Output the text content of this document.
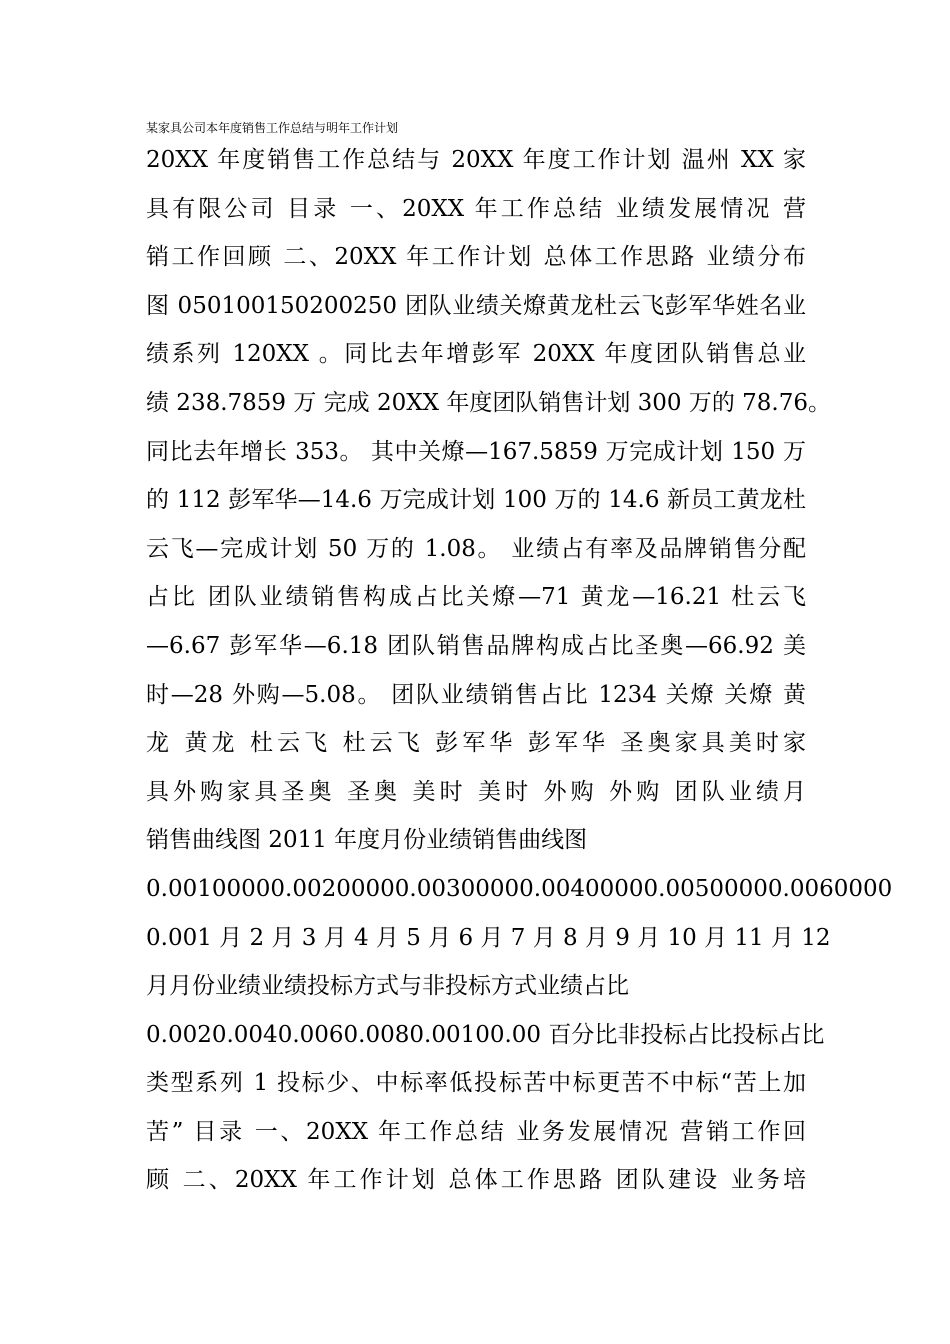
某家具公司本年度销售工作总结与明年工作计划
20XX 年度销售工作总结与 20XX 年度工作计划 温州 XX 家
具有限公司 目录 一、20XX 年工作总结 业绩发展情况 营
销工作回顾 二、20XX 年工作计划 总体工作思路 业绩分布
图 050100150200250 团队业绩关燎黄龙杜云飞彭军华姓名业
绩系列 120XX 。同比去年增彭军 20XX 年度团队销售总业
绩 238.7859 万 完成 20XX 年度团队销售计划 300 万的 78.76。
同比去年增长 353。 其中关燎—167.5859 万完成计划 150 万
的 112 彭军华—14.6 万完成计划 100 万的 14.6 新员工黄龙杜
云飞—完成计划 50 万的 1.08。 业绩占有率及品牌销售分配
占比 团队业绩销售构成占比关燎—71 黄龙—16.21 杜云飞
—6.67 彭军华—6.18 团队销售品牌构成占比圣奥—66.92 美
时—28 外购—5.08。 团队业绩销售占比 1234 关燎 关燎 黄
龙 黄龙 杜云飞 杜云飞 彭军华 彭军华 圣奥家具美时家
具外购家具圣奥 圣奥 美时 美时 外购 外购 团队业绩月
销售曲线图 2011 年度月份业绩销售曲线图
0.00100000.00200000.00300000.00400000.00500000.0060000
0.001 月 2 月 3 月 4 月 5 月 6 月 7 月 8 月 9 月 10 月 11 月 12
月月份业绩业绩投标方式与非投标方式业绩占比
0.0020.0040.0060.0080.00100.00 百分比非投标占比投标占比
类型系列 1 投标少、中标率低投标苦中标更苦不中标“苦上加
苦” 目录 一、20XX 年工作总结 业务发展情况 营销工作回
顾 二、20XX 年工作计划 总体工作思路 团队建设 业务培
